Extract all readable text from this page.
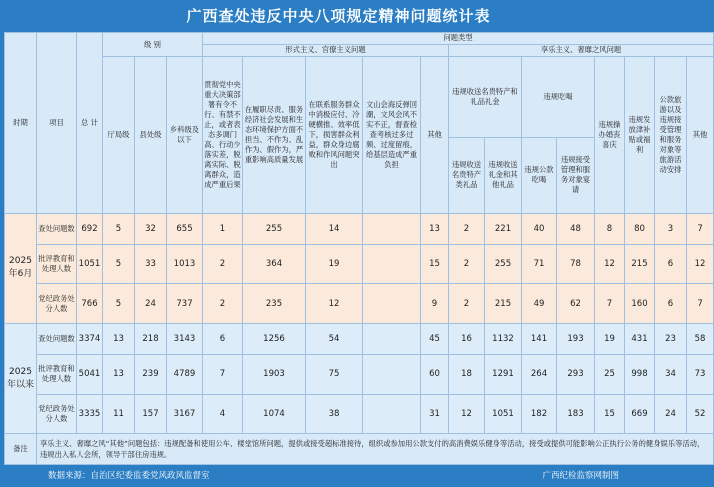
广西查处违反中央八项规定精神问题统计表
时期	项目	总 计	级 别			问题类型												
						形式主义、官僚主义问题					享乐主义、奢靡之风问题							
			厅局级	县处级	乡科级及以下	贯彻党中央重大决策部署有令不行、有禁不止，或者表态多调门高、行动少落实差，脱离实际、脱离群众，造成严重后果	在履职尽责、服务经济社会发展和生态环境保护方面不担当、不作为、乱作为、假作为，严重影响高质量发展	在联系服务群众中消极应付、冷硬横推、效率低下，损害群众利益，群众身边腐败和作风问题突出	文山会海反弹回潮，文风会风不实不正，督查检查考核过多过频、过度留痕，给基层造成严重负担	其他	违规收送名贵特产和礼品礼金		违规吃喝		违规操办婚丧喜庆	违规发放津补贴或福利	公款旅游以及违规接受管理和服务对象等旅游活动安排	其他
											违规收送名贵特产类礼品	违规收送礼金和其他礼品	违规公款吃喝	违规接受管理和服务对象宴请				
2025年6月	查处问题数	692	5	32	655	1	255	14		13	2	221	40	48	8	80	3	7
	批评教育和处理人数	1051	5	33	1013	2	364	19		15	2	255	71	78	12	215	6	12
	党纪政务处分人数	766	5	24	737	2	235	12		9	2	215	49	62	7	160	6	7
2025年以来	查处问题数	3374	13	218	3143	6	1256	54		45	16	1132	141	193	19	431	23	58
	批评教育和处理人数	5041	13	239	4789	7	1903	75		60	18	1291	264	293	25	998	34	73
	党纪政务处分人数	3335	11	157	3167	4	1074	38		31	12	1051	182	183	15	669	24	52
备注	享乐主义、奢靡之风“其他”问题包括：违规配备和使用公车、楼堂馆所问题，提供或接受超标准接待，组织或参加用公款支付的高消费娱乐健身等活动，接受或提供可能影响公正执行公务的健身娱乐等活动，违规出入私人会所，领导干部住房违规。																	
数据来源：自治区纪委监委党风政风监督室	广西纪检监察网制图
